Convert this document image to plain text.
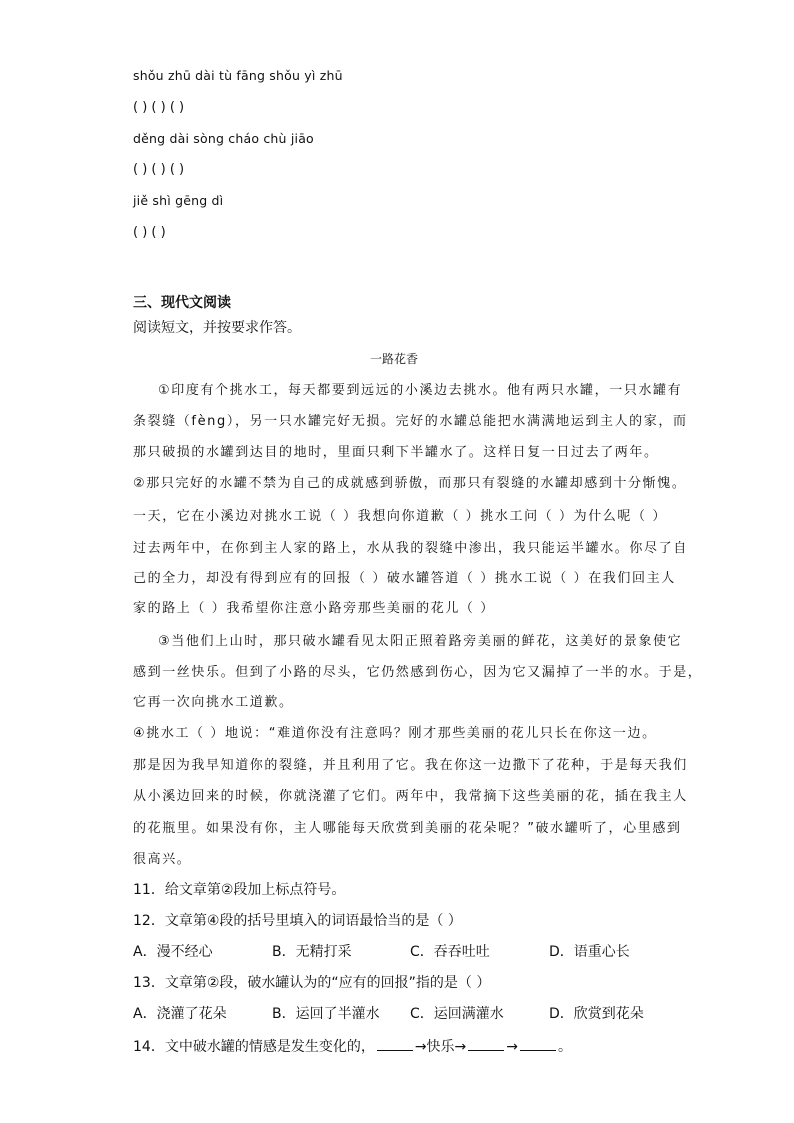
shǒu zhū dài tù fāng shǒu yì zhū
( ) ( ) ( )
děng dài sòng cháo chù jiāo
( ) ( ) ( )
jiě shì gēng dì
( ) ( )
三、现代文阅读
阅读短文，并按要求作答。
一路花香
①印度有个挑水工，每天都要到远远的小溪边去挑水。他有两只水罐，一只水罐有
条裂缝（fèng），另一只水罐完好无损。完好的水罐总能把水满满地运到主人的家，而
那只破损的水罐到达目的地时，里面只剩下半罐水了。这样日复一日过去了两年。
②那只完好的水罐不禁为自己的成就感到骄傲，而那只有裂缝的水罐却感到十分惭愧。
一天，它在小溪边对挑水工说（ ）我想向你道歉（ ）挑水工问（ ）为什么呢（ ）
过去两年中，在你到主人家的路上，水从我的裂缝中渗出，我只能运半罐水。你尽了自
己的全力，却没有得到应有的回报（ ）破水罐答道（ ）挑水工说（ ）在我们回主人
家的路上（ ）我希望你注意小路旁那些美丽的花儿（ ）
③当他们上山时，那只破水罐看见太阳正照着路旁美丽的鲜花，这美好的景象使它
感到一丝快乐。但到了小路的尽头，它仍然感到伤心，因为它又漏掉了一半的水。于是，
它再一次向挑水工道歉。
④挑水工（ ）地说：“难道你没有注意吗？刚才那些美丽的花儿只长在你这一边。
那是因为我早知道你的裂缝，并且利用了它。我在你这一边撒下了花种，于是每天我们
从小溪边回来的时候，你就浇灌了它们。两年中，我常摘下这些美丽的花，插在我主人
的花瓶里。如果没有你，主人哪能每天欣赏到美丽的花朵呢？”破水罐听了，心里感到
很高兴。
11．给文章第②段加上标点符号。
12．文章第④段的括号里填入的词语最恰当的是（ ）
A．漫不经心	B．无精打采	C．吞吞吐吐	D．语重心长
13．文章第②段，破水罐认为的“应有的回报”指的是（ ）
A．浇灌了花朵	B．运回了半灌水 C．运回满灌水	D．欣赏到花朵
14．文中破水罐的情感是发生变化的，	→快乐→	→	。
